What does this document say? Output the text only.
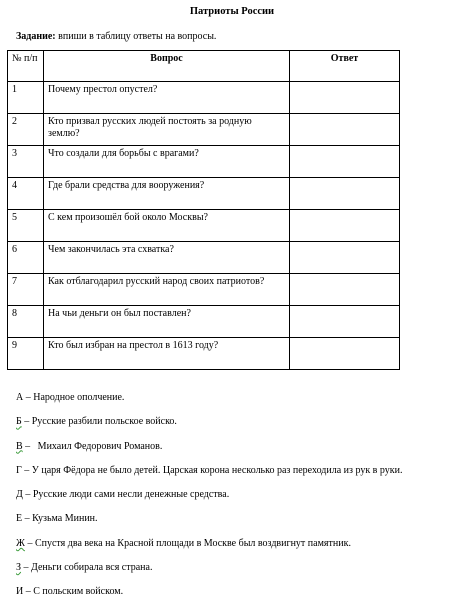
Патриоты России
Задание: впиши в таблицу ответы на вопросы.
№ п/п	Вопрос	Ответ
1	Почему престол опустел?	
2	Кто призвал русских людей постоять за родную землю?	
3	Что создали для борьбы с врагами?	
4	Где брали средства для вооружения?	
5	С кем произошёл бой около Москвы?	
6	Чем закончилась эта схватка?	
7	Как отблагодарил русский народ своих патриотов?	
8	На чьи деньги он был поставлен?	
9	Кто был избран на престол в 1613 году?	
А – Народное ополчение.
Б – Русские разбили польское войско.
В –   Михаил Федорович Романов.
Г – У царя Фёдора не было детей. Царская корона несколько раз переходила из рук в руки.
Д – Русские люди сами несли денежные средства.
Е – Кузьма Минин.
Ж – Спустя два века на Красной площади в Москве был воздвигнут памятник.
З – Деньги собирала вся страна.
И – С польским войском.
